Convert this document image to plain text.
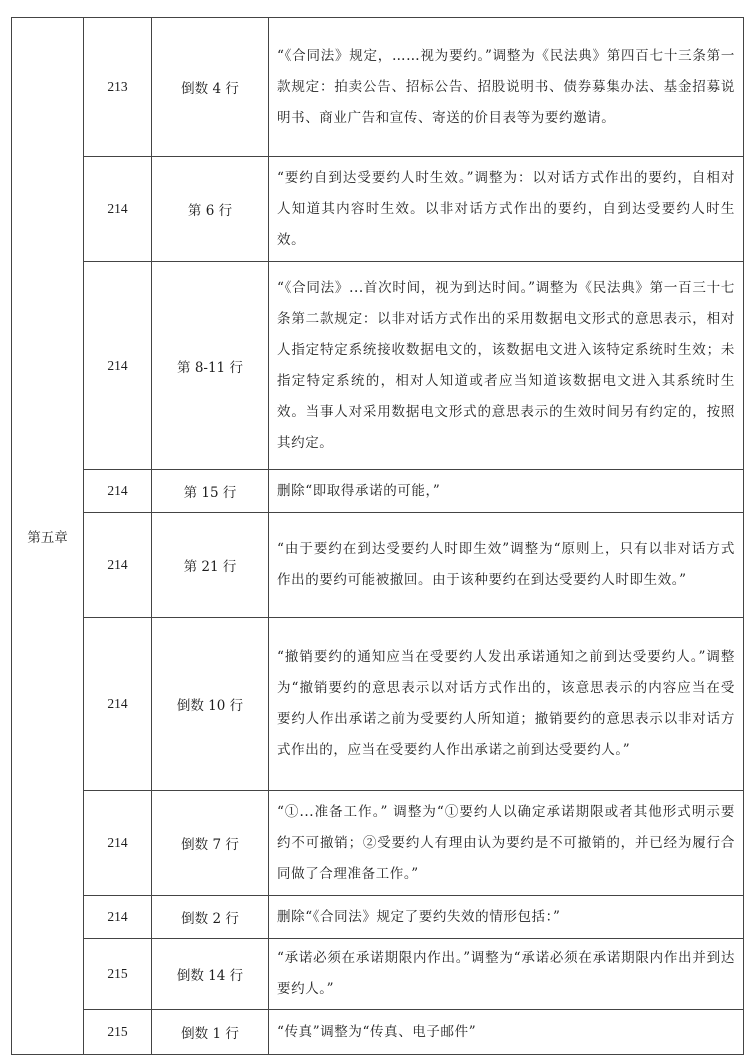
第五章	213	倒数 4 行	“《合同法》规定，……视为要约。”调整为《民法典》第四百七十三条第一款规定：拍卖公告、招标公告、招股说明书、债券募集办法、基金招募说明书、商业广告和宣传、寄送的价目表等为要约邀请。
	214	第 6 行	“要约自到达受要约人时生效。”调整为：以对话方式作出的要约，自相对人知道其内容时生效。以非对话方式作出的要约，自到达受要约人时生效。
	214	第 8-11 行	“《合同法》...首次时间，视为到达时间。”调整为《民法典》第一百三十七条第二款规定：以非对话方式作出的采用数据电文形式的意思表示，相对人指定特定系统接收数据电文的，该数据电文进入该特定系统时生效；未指定特定系统的，相对人知道或者应当知道该数据电文进入其系统时生效。当事人对采用数据电文形式的意思表示的生效时间另有约定的，按照其约定。
	214	第 15 行	删除“即取得承诺的可能，”
	214	第 21 行	“由于要约在到达受要约人时即生效”调整为“原则上，只有以非对话方式作出的要约可能被撤回。由于该种要约在到达受要约人时即生效。”
	214	倒数 10 行	“撤销要约的通知应当在受要约人发出承诺通知之前到达受要约人。”调整为“撤销要约的意思表示以对话方式作出的，该意思表示的内容应当在受要约人作出承诺之前为受要约人所知道；撤销要约的意思表示以非对话方式作出的，应当在受要约人作出承诺之前到达受要约人。”
	214	倒数 7 行	“①...准备工作。” 调整为“①要约人以确定承诺期限或者其他形式明示要约不可撤销；②受要约人有理由认为要约是不可撤销的，并已经为履行合同做了合理准备工作。”
	214	倒数 2 行	删除“《合同法》规定了要约失效的情形包括：”
	215	倒数 14 行	“承诺必须在承诺期限内作出。”调整为“承诺必须在承诺期限内作出并到达要约人。”
	215	倒数 1 行	“传真”调整为“传真、电子邮件”
